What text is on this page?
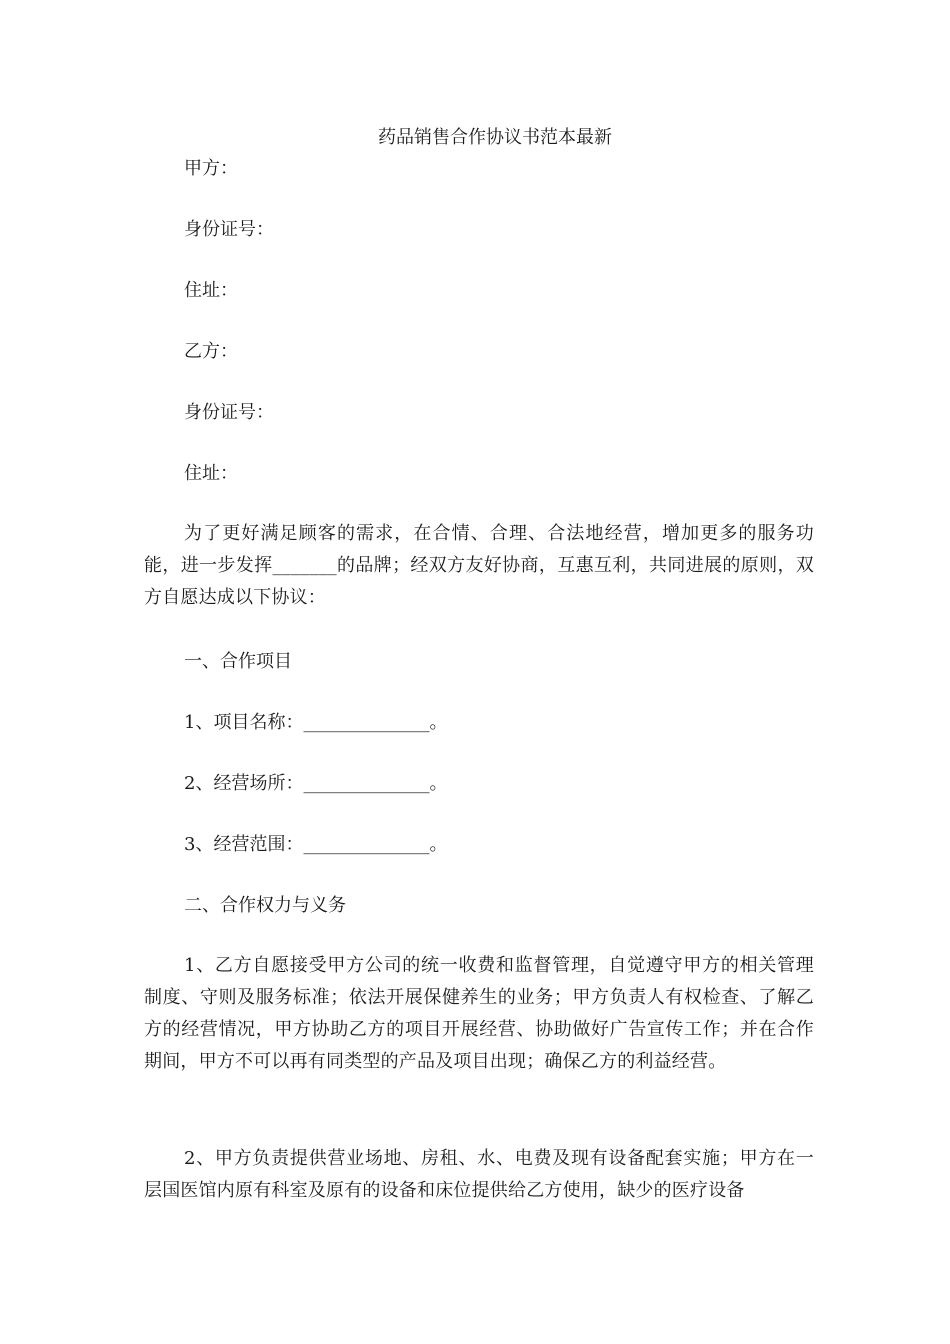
药品销售合作协议书范本最新
甲方：
身份证号：
住址：
乙方：
身份证号：
住址：
为了更好满足顾客的需求，在合情、合理、合法地经营，增加更多的服务功能，进一步发挥_______的品牌；经双方友好协商，互惠互利，共同进展的原则，双方自愿达成以下协议：
一、合作项目
1、项目名称：______________。
2、经营场所：______________。
3、经营范围：______________。
二、合作权力与义务
1、乙方自愿接受甲方公司的统一收费和监督管理，自觉遵守甲方的相关管理制度、守则及服务标准；依法开展保健养生的业务；甲方负责人有权检查、了解乙方的经营情况，甲方协助乙方的项目开展经营、协助做好广告宣传工作；并在合作期间，甲方不可以再有同类型的产品及项目出现；确保乙方的利益经营。
2、甲方负责提供营业场地、房租、水、电费及现有设备配套实施；甲方在一层国医馆内原有科室及原有的设备和床位提供给乙方使用，缺少的医疗设备
